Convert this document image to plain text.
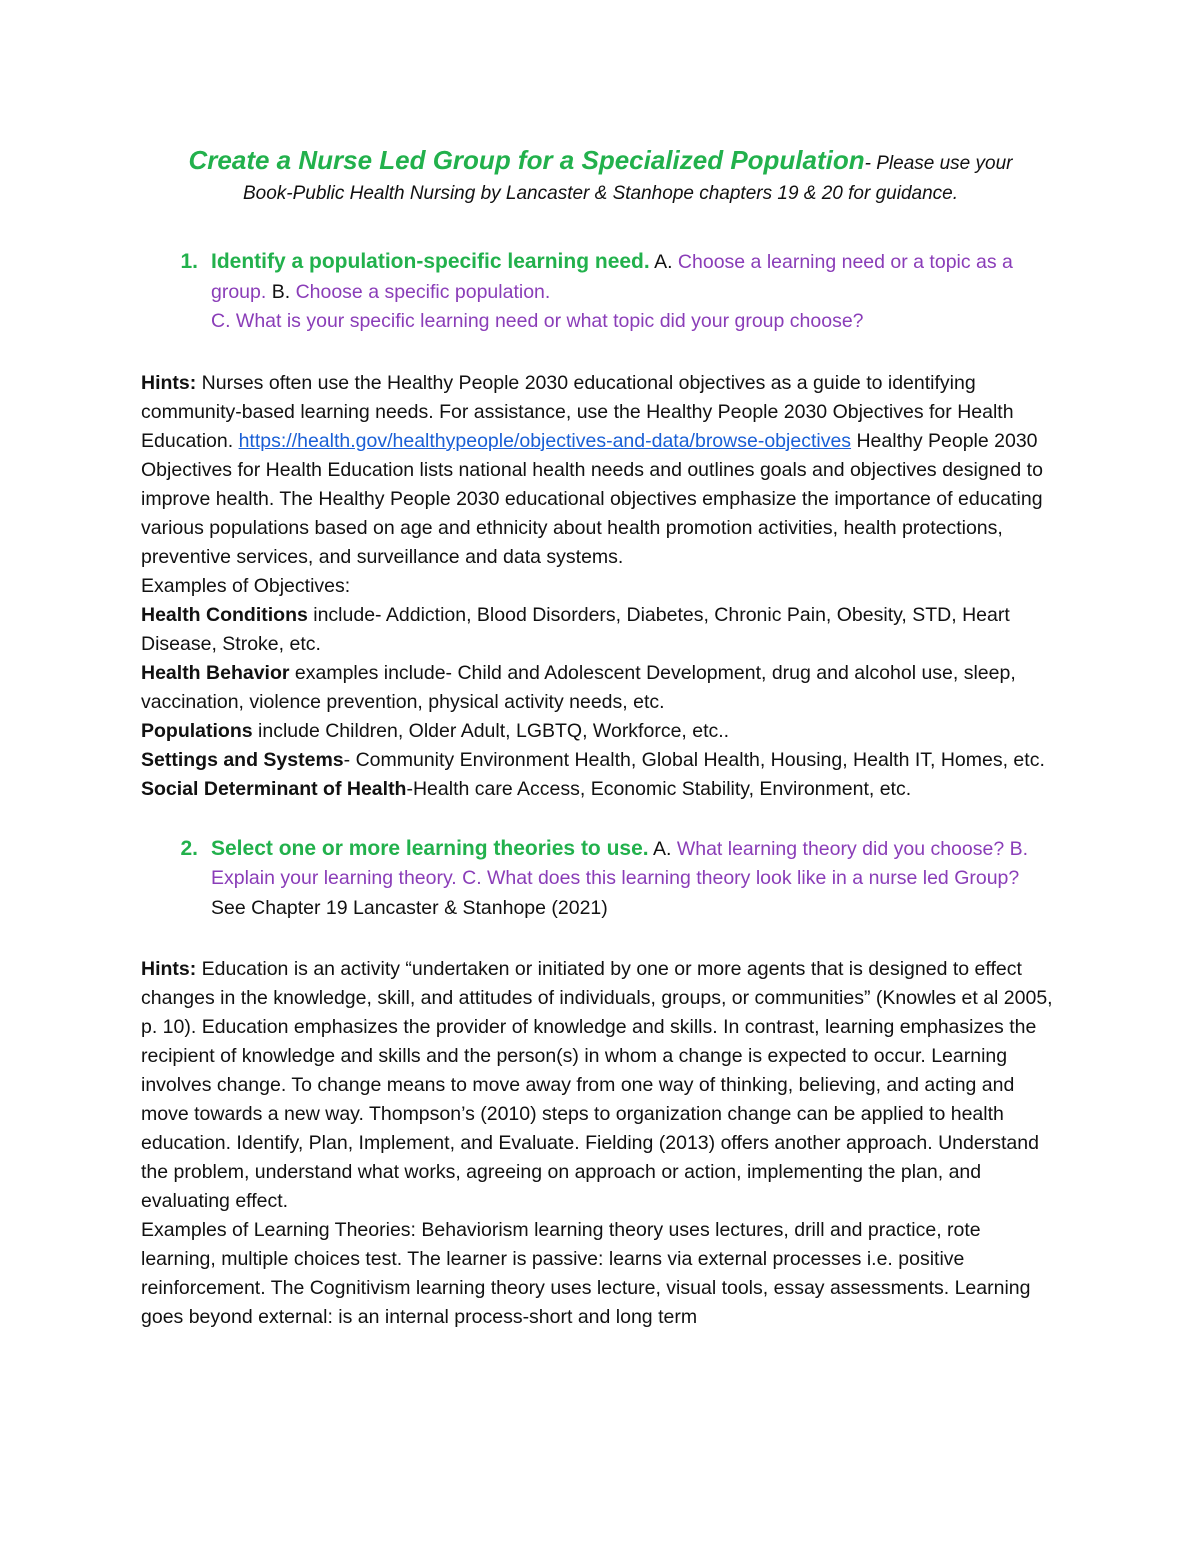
Create a Nurse Led Group for a Specialized Population- Please use your

Book-Public Health Nursing by Lancaster & Stanhope chapters 19 & 20 for guidance.

1. Identify a population-specific learning need. A. Choose a learning need or a topic as a group. B. Choose a specific population.
C. What is your specific learning need or what topic did your group choose?

Hints: Nurses often use the Healthy People 2030 educational objectives as a guide to identifying community-based learning needs. For assistance, use the Healthy People 2030 Objectives for Health Education. https://health.gov/healthypeople/objectives-and-data/browse-objectives Healthy People 2030 Objectives for Health Education lists national health needs and outlines goals and objectives designed to improve health. The Healthy People 2030 educational objectives emphasize the importance of educating various populations based on age and ethnicity about health promotion activities, health protections, preventive services, and surveillance and data systems.

Examples of Objectives:

Health Conditions include- Addiction, Blood Disorders, Diabetes, Chronic Pain, Obesity, STD, Heart Disease, Stroke, etc.

Health Behavior examples include- Child and Adolescent Development, drug and alcohol use, sleep, vaccination, violence prevention, physical activity needs, etc.

Populations include Children, Older Adult, LGBTQ, Workforce, etc..

Settings and Systems- Community Environment Health, Global Health, Housing, Health IT, Homes, etc.

Social Determinant of Health-Health care Access, Economic Stability, Environment, etc.

2. Select one or more learning theories to use. A. What learning theory did you choose? B. Explain your learning theory. C. What does this learning theory look like in a nurse led Group?
See Chapter 19 Lancaster & Stanhope (2021)

Hints: Education is an activity “undertaken or initiated by one or more agents that is designed to effect changes in the knowledge, skill, and attitudes of individuals, groups, or communities” (Knowles et al 2005, p. 10). Education emphasizes the provider of knowledge and skills. In contrast, learning emphasizes the recipient of knowledge and skills and the person(s) in whom a change is expected to occur. Learning involves change. To change means to move away from one way of thinking, believing, and acting and move towards a new way. Thompson’s (2010) steps to organization change can be applied to health education. Identify, Plan, Implement, and Evaluate. Fielding (2013) offers another approach. Understand the problem, understand what works, agreeing on approach or action, implementing the plan, and evaluating effect.

Examples of Learning Theories: Behaviorism learning theory uses lectures, drill and practice, rote learning, multiple choices test. The learner is passive: learns via external processes i.e. positive reinforcement. The Cognitivism learning theory uses lecture, visual tools, essay assessments. Learning goes beyond external: is an internal process-short and long term
